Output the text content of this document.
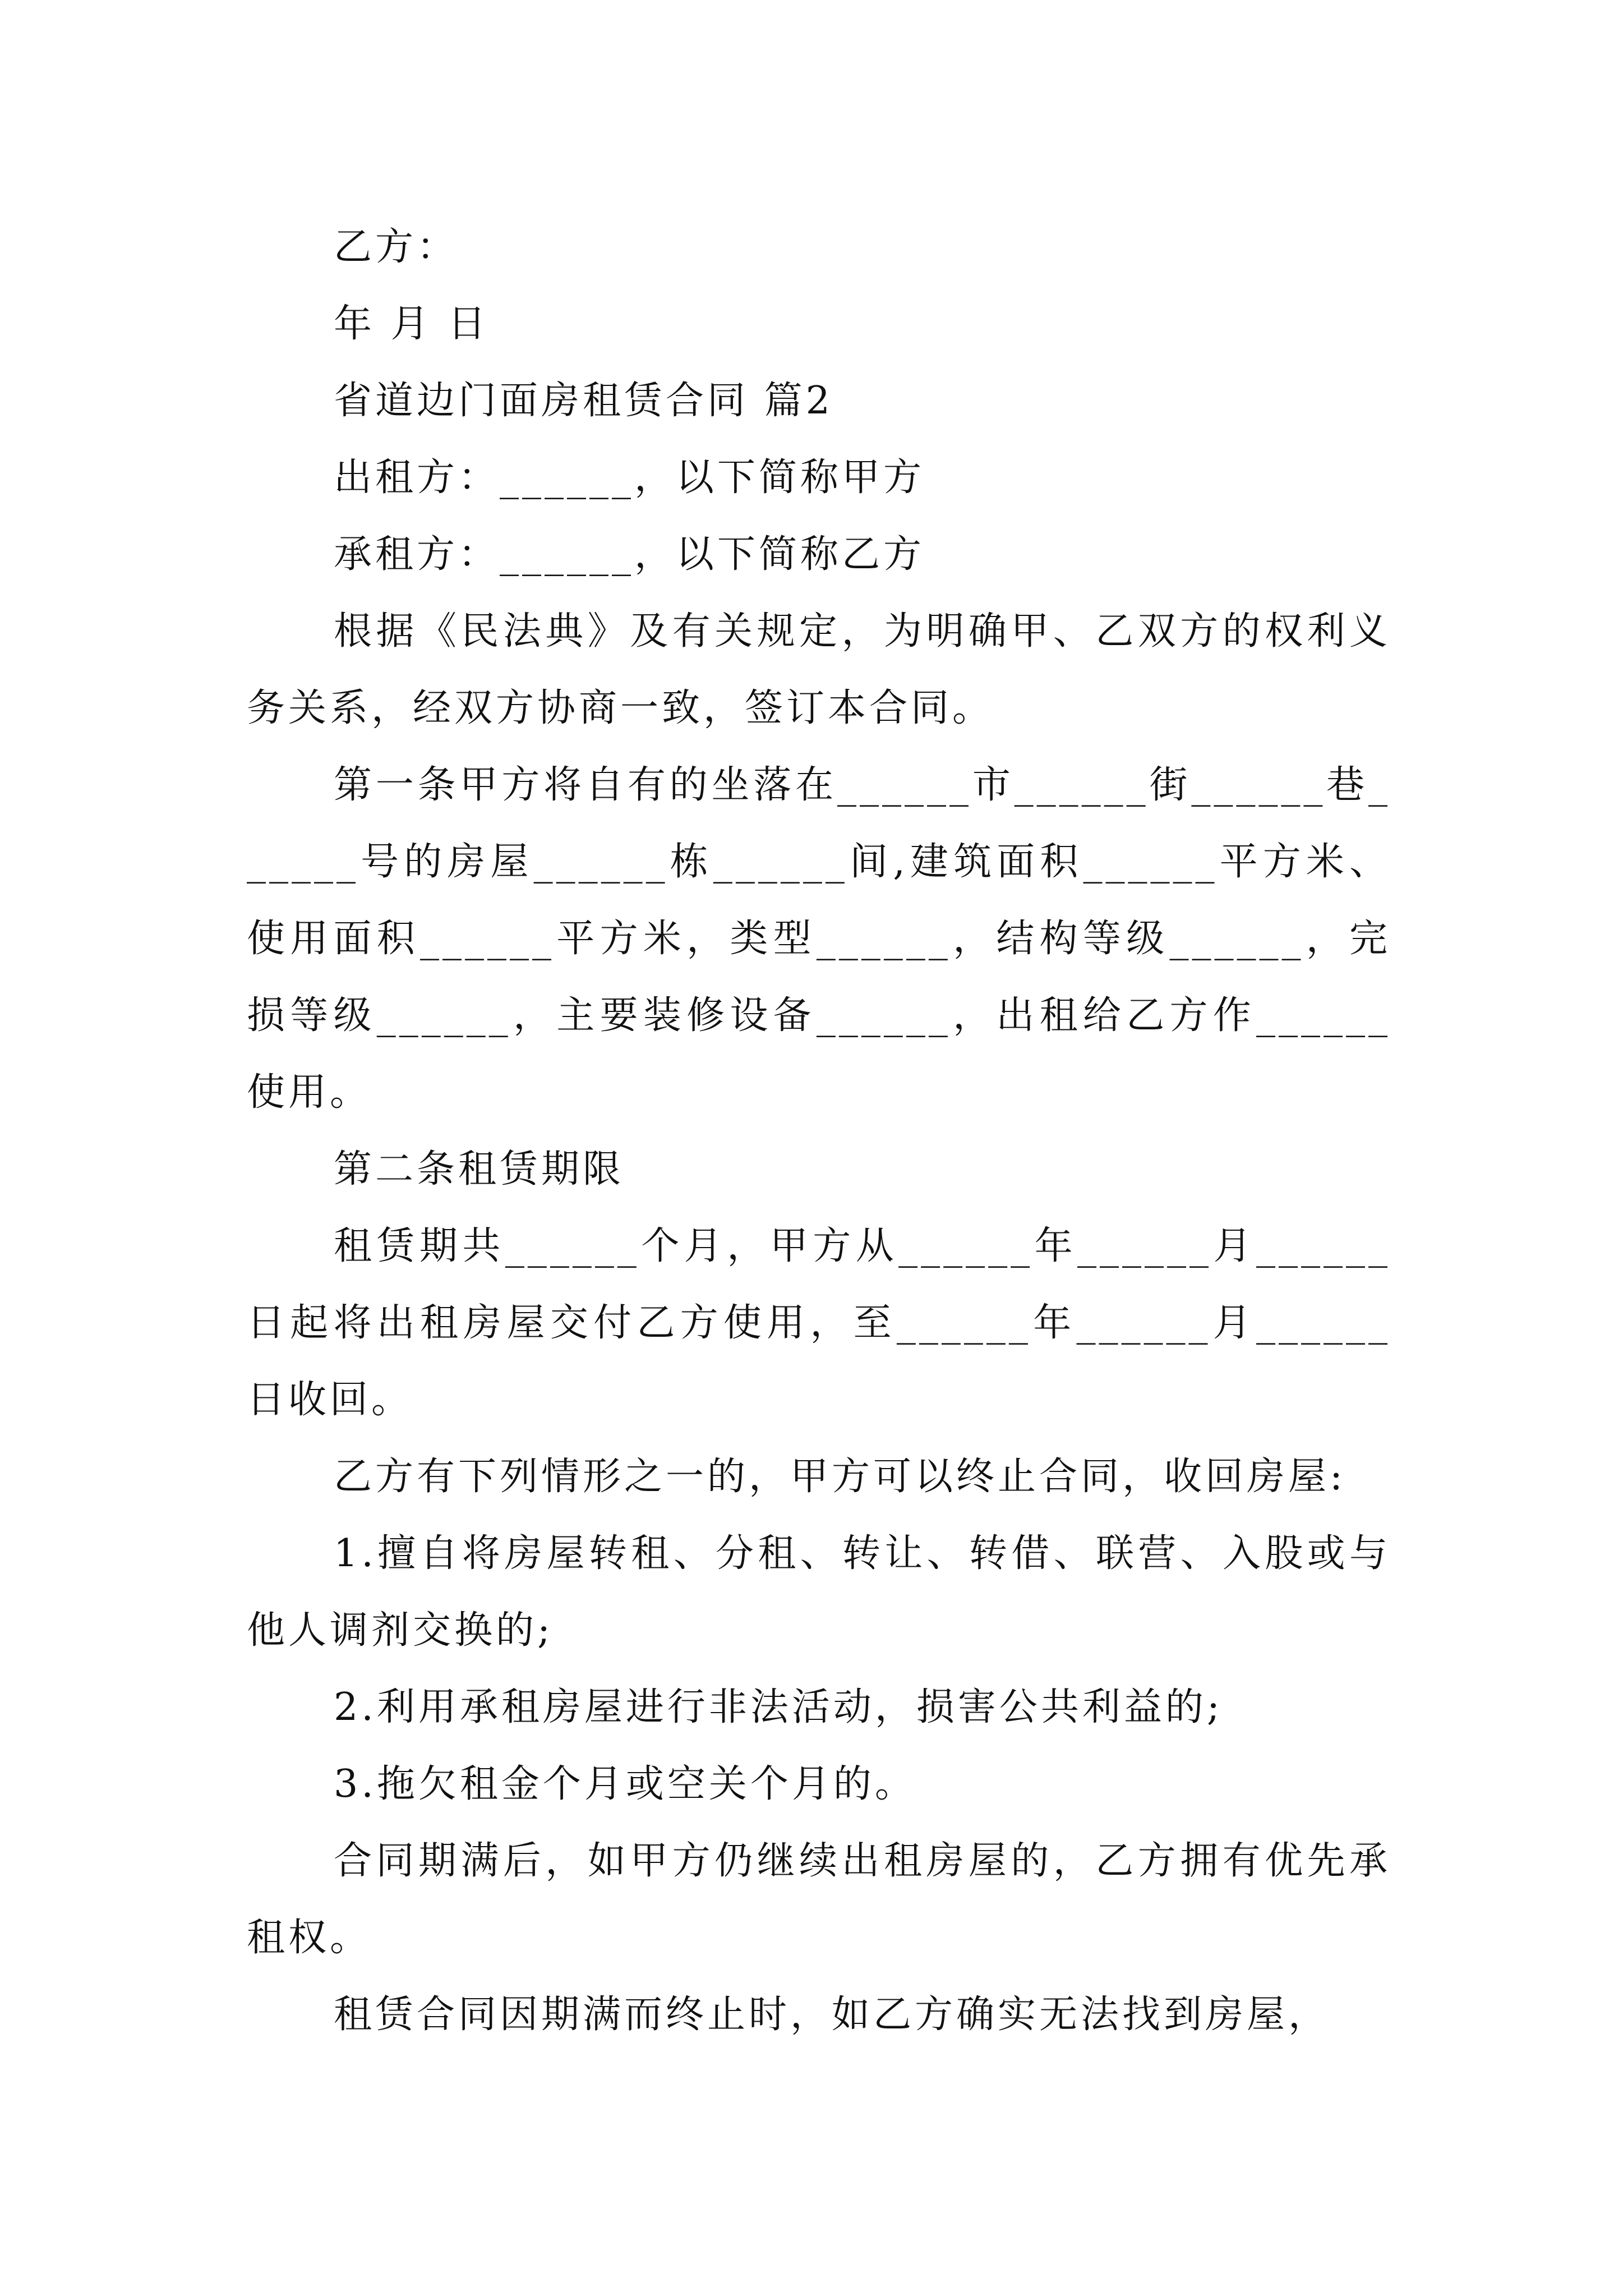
乙方：

年 月 日

省道边门面房租赁合同 篇2

出租方：______，以下简称甲方

承租方：______，以下简称乙方

根据《民法典》及有关规定，为明确甲、乙双方的权利义务关系，经双方协商一致，签订本合同。

第一条甲方将自有的坐落在______市______街______巷______号的房屋______栋______间,建筑面积______平方米、使用面积______平方米，类型______，结构等级______，完损等级______，主要装修设备______，出租给乙方作______使用。

第二条租赁期限

租赁期共______个月，甲方从______年______月______日起将出租房屋交付乙方使用，至______年______月______日收回。

乙方有下列情形之一的，甲方可以终止合同，收回房屋:

1.擅自将房屋转租、分租、转让、转借、联营、入股或与他人调剂交换的;

2.利用承租房屋进行非法活动，损害公共利益的;

3.拖欠租金个月或空关个月的。

合同期满后，如甲方仍继续出租房屋的，乙方拥有优先承租权。

租赁合同因期满而终止时，如乙方确实无法找到房屋，
